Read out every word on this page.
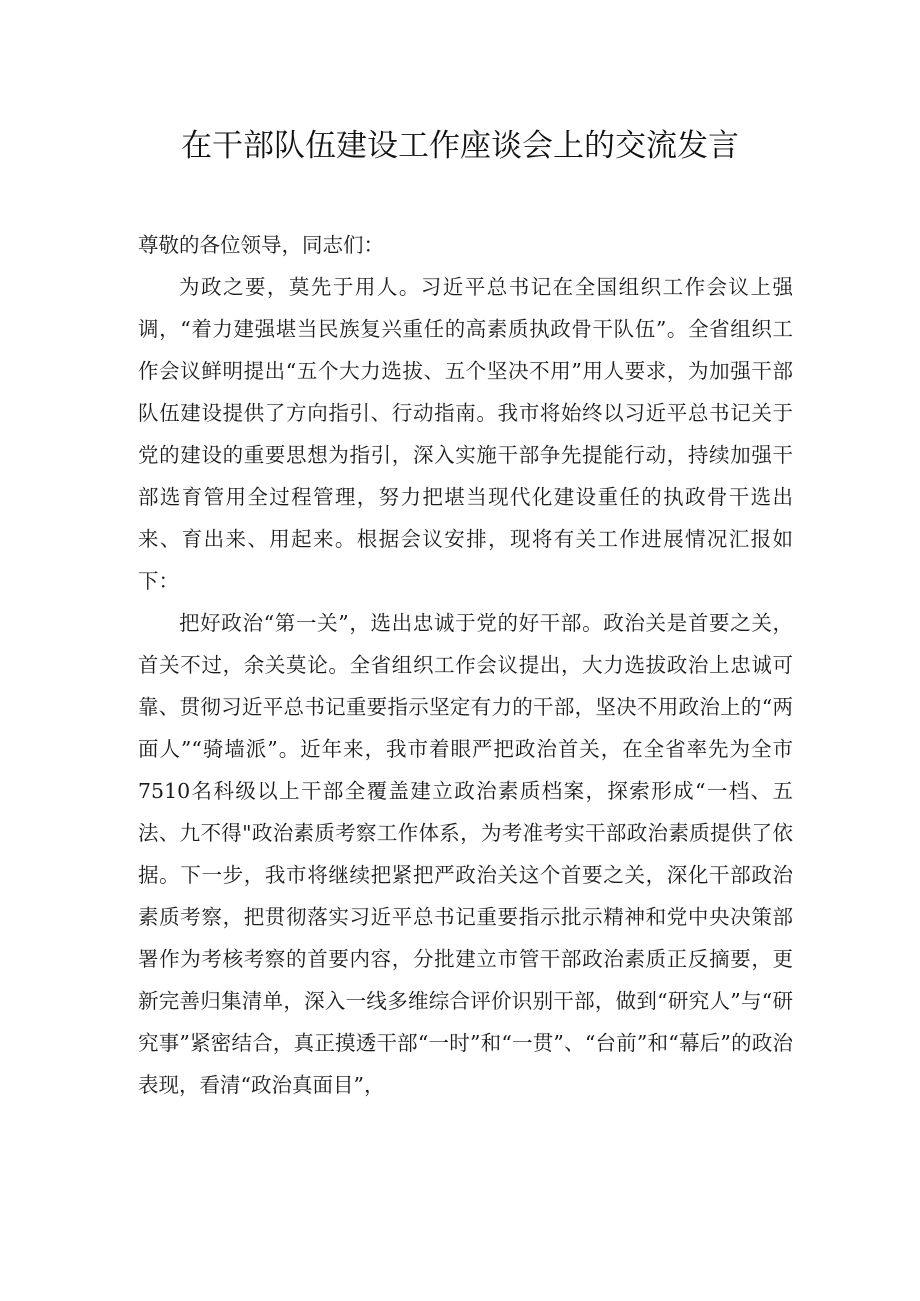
在干部队伍建设工作座谈会上的交流发言

尊敬的各位领导，同志们：

为政之要，莫先于用人。习近平总书记在全国组织工作会议上强调，“着力建强堪当民族复兴重任的高素质执政骨干队伍”。全省组织工作会议鲜明提出“五个大力选拔、五个坚决不用”用人要求，为加强干部队伍建设提供了方向指引、行动指南。我市将始终以习近平总书记关于党的建设的重要思想为指引，深入实施干部争先提能行动，持续加强干部选育管用全过程管理，努力把堪当现代化建设重任的执政骨干选出来、育出来、用起来。根据会议安排，现将有关工作进展情况汇报如下：

把好政治“第一关”，选出忠诚于党的好干部。政治关是首要之关，首关不过，余关莫论。全省组织工作会议提出，大力选拔政治上忠诚可靠、贯彻习近平总书记重要指示坚定有力的干部，坚决不用政治上的“两面人”“骑墙派”。近年来，我市着眼严把政治首关，在全省率先为全市7510名科级以上干部全覆盖建立政治素质档案，探索形成“一档、五法、九不得"政治素质考察工作体系，为考准考实干部政治素质提供了依据。下一步，我市将继续把紧把严政治关这个首要之关，深化干部政治素质考察，把贯彻落实习近平总书记重要指示批示精神和党中央决策部署作为考核考察的首要内容，分批建立市管干部政治素质正反摘要，更新完善归集清单，深入一线多维综合评价识别干部，做到“研究人”与“研究事”紧密结合，真正摸透干部“一时”和“一贯”、“台前”和“幕后”的政治表现，看清“政治真面目”，
